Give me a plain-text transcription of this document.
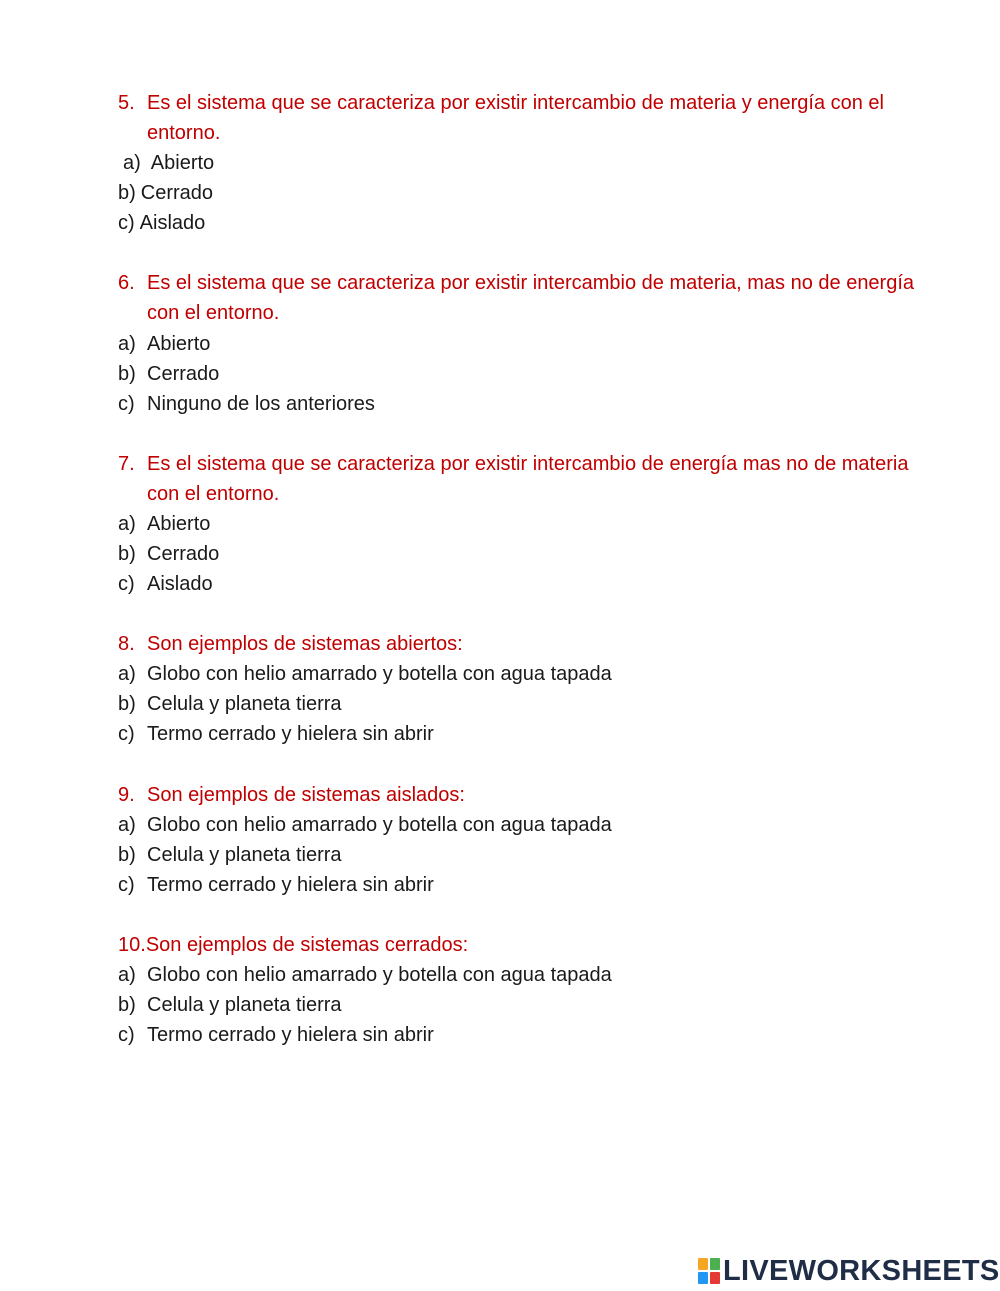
5. Es el sistema que se caracteriza por existir intercambio de materia y energía con el entorno.
a) Abierto
b) Cerrado
c) Aislado
6. Es el sistema que se caracteriza por existir intercambio de materia, mas no de energía con el entorno.
a) Abierto
b) Cerrado
c) Ninguno de los anteriores
7. Es el sistema que se caracteriza por existir intercambio de energía mas no de materia con el entorno.
a) Abierto
b) Cerrado
c) Aislado
8. Son ejemplos de sistemas abiertos:
a) Globo con helio amarrado y botella con agua tapada
b) Celula y planeta tierra
c) Termo cerrado y hielera sin abrir
9. Son ejemplos de sistemas aislados:
a) Globo con helio amarrado y botella con agua tapada
b) Celula y planeta tierra
c) Termo cerrado y hielera sin abrir
10. Son ejemplos de sistemas cerrados:
a) Globo con helio amarrado y botella con agua tapada
b) Celula y planeta tierra
c) Termo cerrado y hielera sin abrir
LIVEWORKSHEETS
